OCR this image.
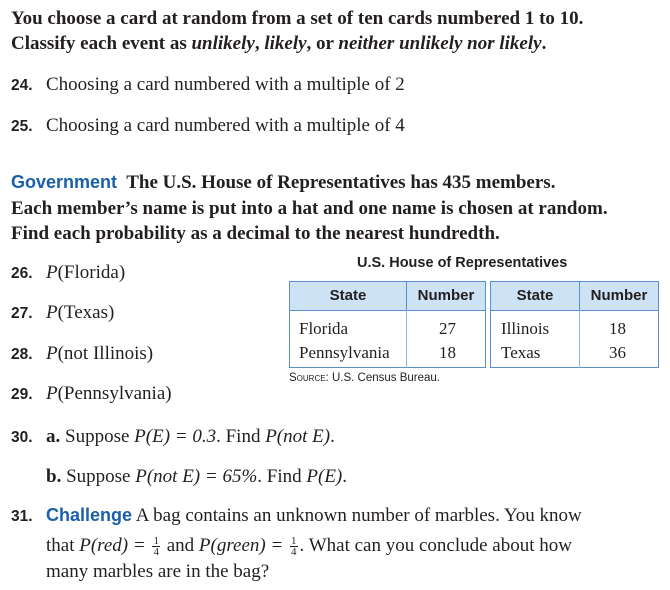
You choose a card at random from a set of ten cards numbered 1 to 10.
Classify each event as unlikely, likely, or neither unlikely nor likely.
24. Choosing a card numbered with a multiple of 2
25. Choosing a card numbered with a multiple of 4
Government The U.S. House of Representatives has 435 members.
Each member’s name is put into a hat and one name is chosen at random.
Find each probability as a decimal to the nearest hundredth.
26. P(Florida)
27. P(Texas)
28. P(not Illinois)
29. P(Pennsylvania)
U.S. House of Representatives
State	Number	State	Number
Florida	27	Illinois	18
Pennsylvania	18	Texas	36
Source: U.S. Census Bureau.
30. a. Suppose P(E) = 0.3. Find P(not E).
b. Suppose P(not E) = 65%. Find P(E).
31. Challenge A bag contains an unknown number of marbles. You know
that $P(red) = \frac{1}{4}$ and P(green) = $\frac{1}{4}$ . What can you conclude about how
many marbles are in the bag?
